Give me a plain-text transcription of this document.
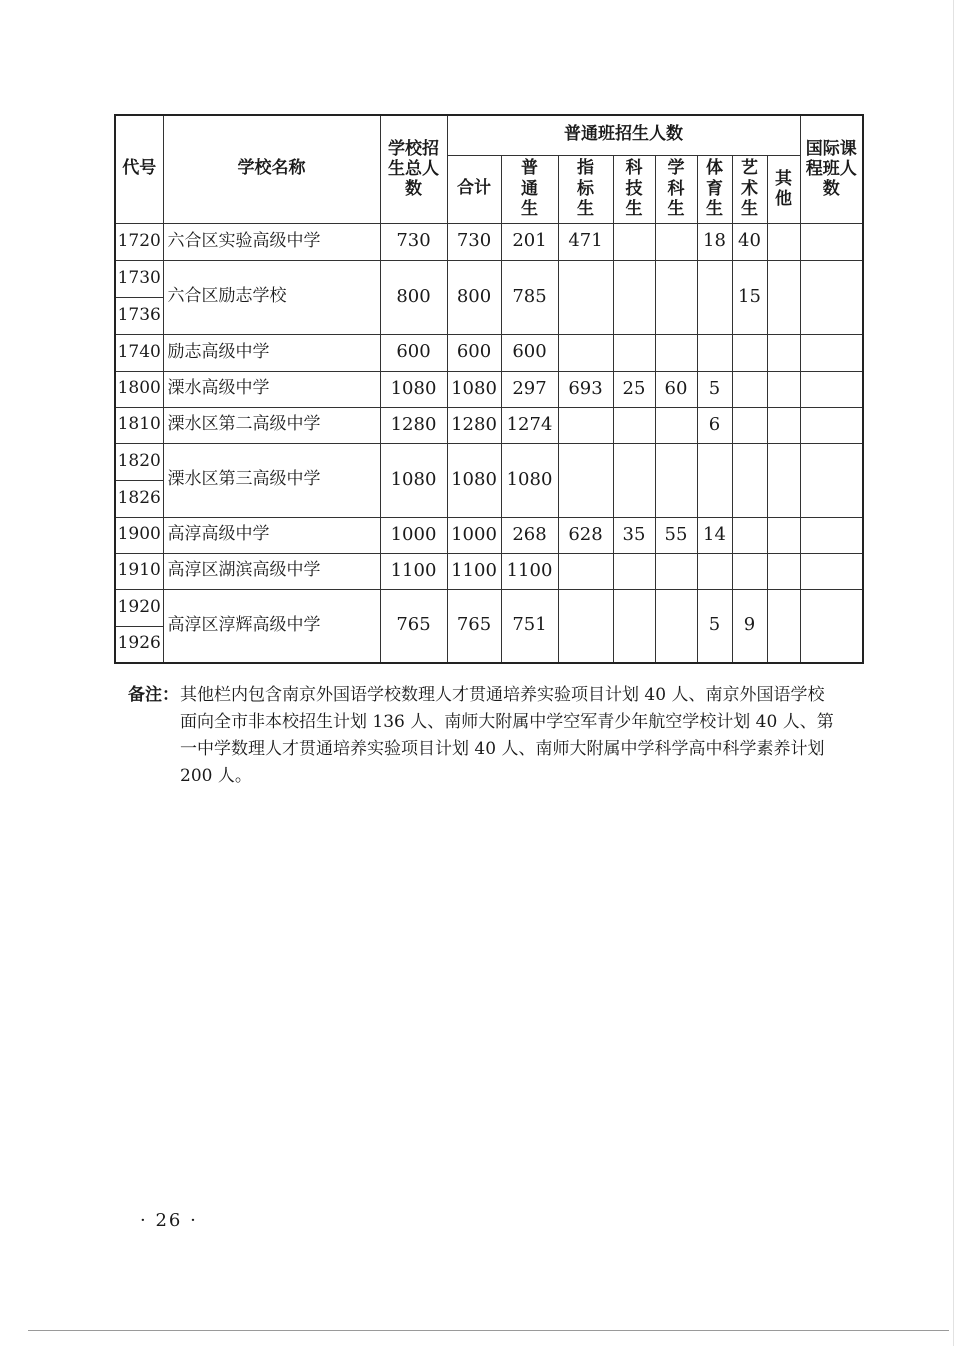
代号	学校名称	学校招生总人数	普通班招生人数								国际课程班人数
			合计	普通生	指标生	科技生	学科生	体育生	艺术生	其他	
1720	六合区实验高级中学	730	730	201	471			18	40		
1730	六合区励志学校	800	800	785					15		
1736											
1740	励志高级中学	600	600	600							
1800	溧水高级中学	1080	1080	297	693	25	60	5			
1810	溧水区第二高级中学	1280	1280	1274				6			
1820	溧水区第三高级中学	1080	1080	1080							
1826											
1900	高淳高级中学	1000	1000	268	628	35	55	14			
1910	高淳区湖滨高级中学	1100	1100	1100							
1920	高淳区淳辉高级中学	765	765	751				5	9		
1926											
备注： 其他栏内包含南京外国语学校数理人才贯通培养实验项目计划 40 人、南京外国语学校面向全市非本校招生计划 136 人、南师大附属中学空军青少年航空学校计划 40 人、第一中学数理人才贯通培养实验项目计划 40 人、南师大附属中学科学高中科学素养计划 200 人。
· 26 ·
